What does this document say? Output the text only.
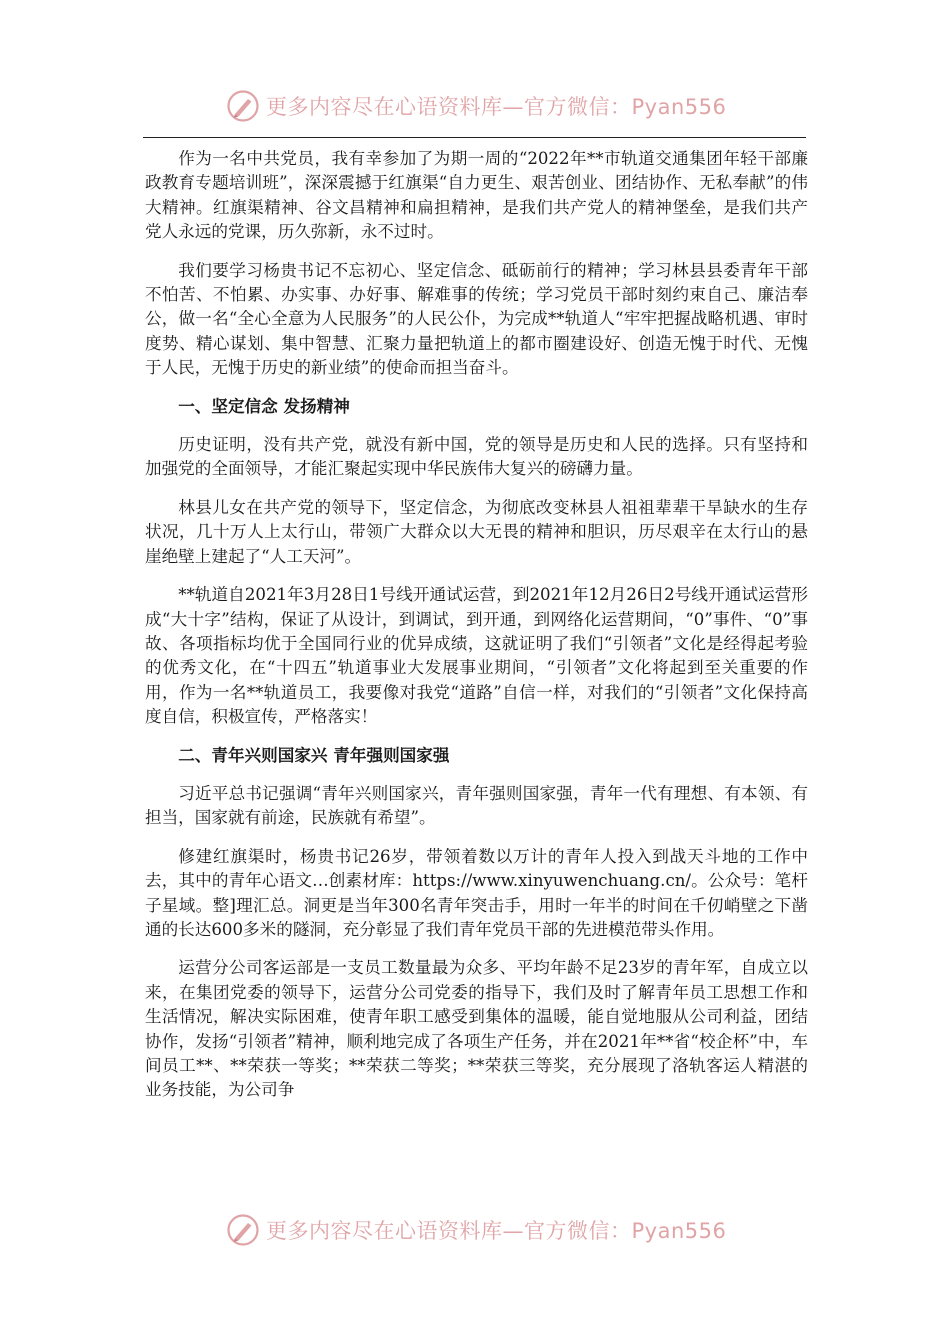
更多内容尽在心语资料库—官方微信：Pyan556

作为一名中共党员，我有幸参加了为期一周的“2022年**市轨道交通集团年轻干部廉政教育专题培训班”，深深震撼于红旗渠“自力更生、艰苦创业、团结协作、无私奉献”的伟大精神。红旗渠精神、谷文昌精神和扁担精神，是我们共产党人的精神堡垒，是我们共产党人永远的党课，历久弥新，永不过时。

我们要学习杨贵书记不忘初心、坚定信念、砥砺前行的精神；学习林县县委青年干部不怕苦、不怕累、办实事、办好事、解难事的传统；学习党员干部时刻约束自己、廉洁奉公，做一名“全心全意为人民服务”的人民公仆，为完成**轨道人“牢牢把握战略机遇、审时度势、精心谋划、集中智慧、汇聚力量把轨道上的都市圈建设好、创造无愧于时代、无愧于人民，无愧于历史的新业绩”的使命而担当奋斗。

一、坚定信念 发扬精神

历史证明，没有共产党，就没有新中国，党的领导是历史和人民的选择。只有坚持和加强党的全面领导，才能汇聚起实现中华民族伟大复兴的磅礴力量。

林县儿女在共产党的领导下，坚定信念，为彻底改变林县人祖祖辈辈干旱缺水的生存状况，几十万人上太行山，带领广大群众以大无畏的精神和胆识，历尽艰辛在太行山的悬崖绝壁上建起了“人工天河”。

**轨道自2021年3月28日1号线开通试运营，到2021年12月26日2号线开通试运营形成“大十字”结构，保证了从设计，到调试，到开通，到网络化运营期间，“0”事件、“0”事故、各项指标均优于全国同行业的优异成绩，这就证明了我们“引领者”文化是经得起考验的优秀文化，在“十四五”轨道事业大发展事业期间，“引领者”文化将起到至关重要的作用，作为一名**轨道员工，我要像对我党“道路”自信一样，对我们的“引领者”文化保持高度自信，积极宣传，严格落实！

二、青年兴则国家兴 青年强则国家强

习近平总书记强调“青年兴则国家兴，青年强则国家强，青年一代有理想、有本领、有担当，国家就有前途，民族就有希望”。

修建红旗渠时，杨贵书记26岁，带领着数以万计的青年人投入到战天斗地的工作中去，其中的青年心语文…创素材库：https://www.xinyuwenchuang.cn/。公众号：笔杆子星域。整]理汇总。洞更是当年300名青年突击手，用时一年半的时间在千仞峭壁之下凿通的长达600多米的隧洞，充分彰显了我们青年党员干部的先进模范带头作用。

运营分公司客运部是一支员工数量最为众多、平均年龄不足23岁的青年军，自成立以来，在集团党委的领导下，运营分公司党委的指导下，我们及时了解青年员工思想工作和生活情况，解决实际困难，使青年职工感受到集体的温暖，能自觉地服从公司利益，团结协作，发扬“引领者”精神，顺利地完成了各项生产任务，并在2021年**省“校企杯”中，车间员工**、**荣获一等奖；**荣获二等奖；**荣获三等奖，充分展现了洛轨客运人精湛的业务技能，为公司争

更多内容尽在心语资料库—官方微信：Pyan556
